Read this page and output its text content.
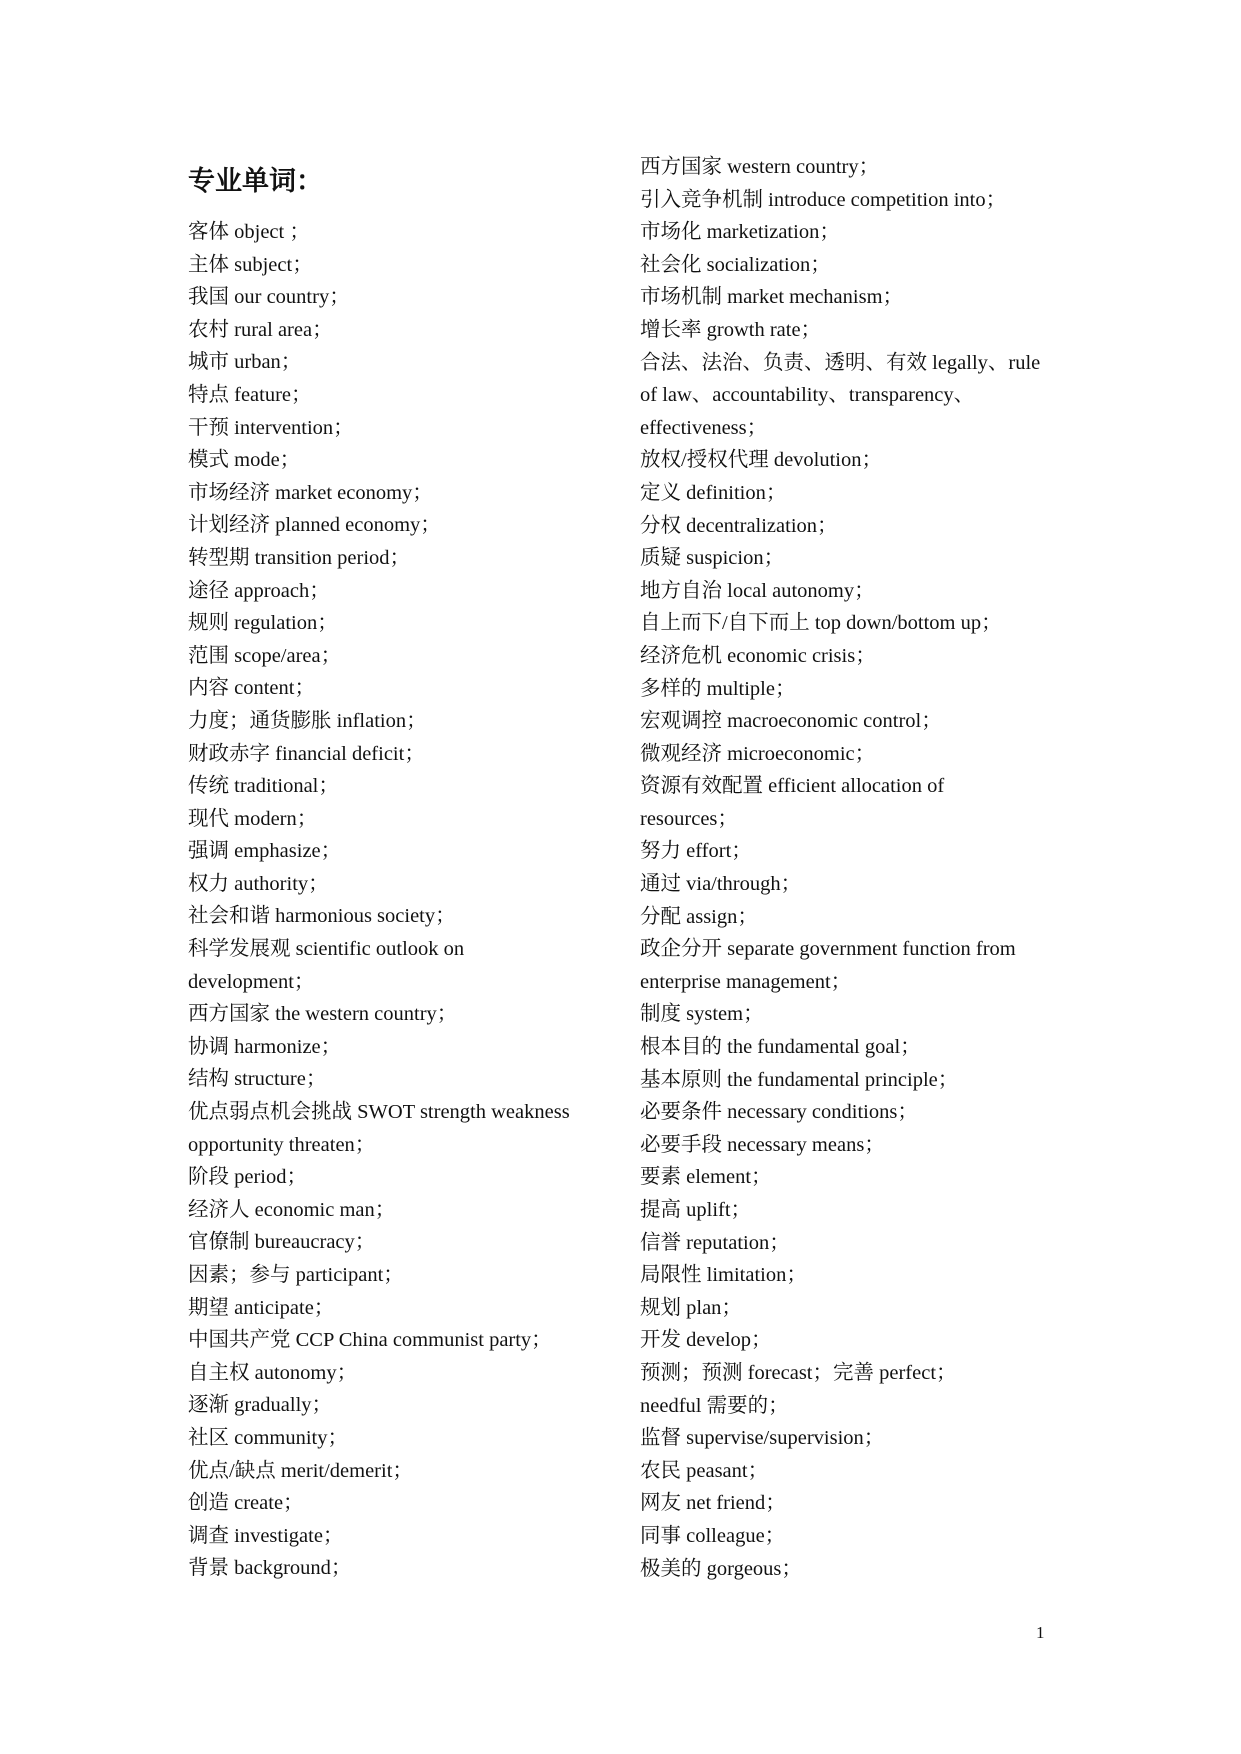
专业单词：
客体 object ；
主体 subject；
我国 our country；
农村 rural area；
城市 urban；
特点 feature；
干预 intervention；
模式 mode；
市场经济 market economy；
计划经济 planned economy；
转型期 transition period；
途径 approach；
规则 regulation；
范围 scope/area；
内容 content；
力度；通货膨胀 inflation；
财政赤字 financial deficit；
传统 traditional；
现代 modern；
强调 emphasize；
权力 authority；
社会和谐 harmonious society；
科学发展观 scientific outlook on
development；
西方国家 the western country；
协调 harmonize；
结构 structure；
优点弱点机会挑战 SWOT strength weakness
opportunity threaten；
阶段 period；
经济人 economic man；
官僚制 bureaucracy；
因素；参与 participant；
期望 anticipate；
中国共产党 CCP China communist party；
自主权 autonomy；
逐渐 gradually；
社区 community；
优点/缺点 merit/demerit；
创造 create；
调查 investigate；
背景 background；
西方国家 western country；
引入竞争机制 introduce competition into；
市场化 marketization；
社会化 socialization；
市场机制 market mechanism；
增长率 growth rate；
合法、法治、负责、透明、有效 legally、rule
of law、accountability、transparency、
effectiveness；
放权/授权代理 devolution；
定义 definition；
分权 decentralization；
质疑 suspicion；
地方自治 local autonomy；
自上而下/自下而上 top down/bottom up；
经济危机 economic crisis；
多样的 multiple；
宏观调控 macroeconomic control；
微观经济 microeconomic；
资源有效配置 efficient allocation of
resources；
努力 effort；
通过 via/through；
分配 assign；
政企分开 separate government function from
enterprise management；
制度 system；
根本目的 the fundamental goal；
基本原则 the fundamental principle；
必要条件 necessary conditions；
必要手段 necessary means；
要素 element；
提高 uplift；
信誉 reputation；
局限性 limitation；
规划 plan；
开发 develop；
预测；预测 forecast；完善 perfect；
needful 需要的；
监督 supervise/supervision；
农民 peasant；
网友 net friend；
同事 colleague；
极美的 gorgeous；
1
